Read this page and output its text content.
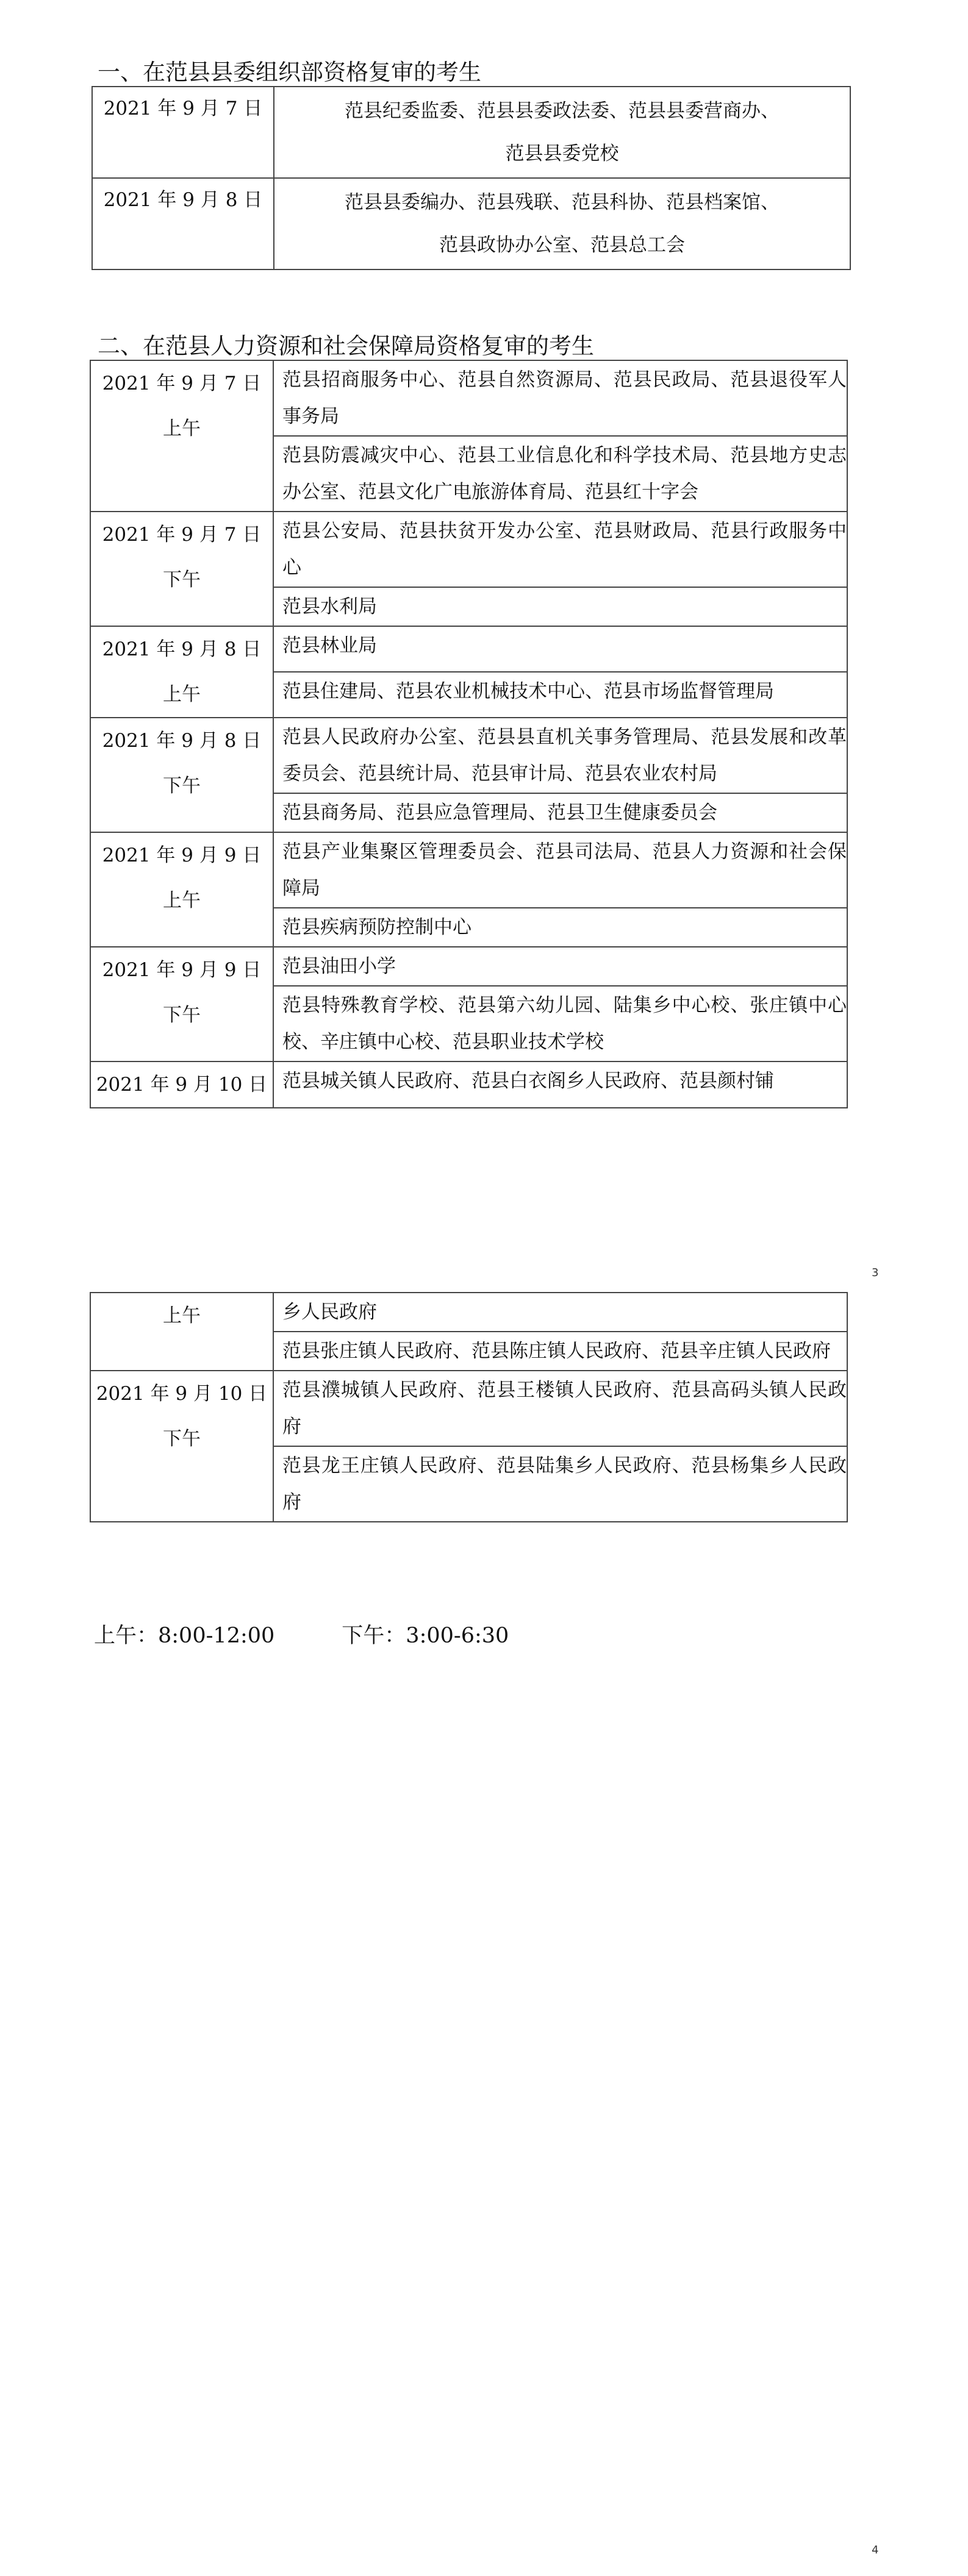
一、在范县县委组织部资格复审的考生
2021 年 9 月 7 日	范县纪委监委、范县县委政法委、范县县委营商办、
范县县委党校

2021 年 9 月 8 日	范县县委编办、范县残联、范县科协、范县档案馆、
范县政协办公室、范县总工会
二、在范县人力资源和社会保障局资格复审的考生
2021 年 9 月 7 日
上午	范县招商服务中心、范县自然资源局、范县民政局、范县退役军人事务局
	范县防震减灾中心、范县工业信息化和科学技术局、范县地方史志办公室、范县文化广电旅游体育局、范县红十字会

2021 年 9 月 7 日
下午	范县公安局、范县扶贫开发办公室、范县财政局、范县行政服务中心
	范县水利局

2021 年 9 月 8 日
上午	范县林业局
	范县住建局、范县农业机械技术中心、范县市场监督管理局

2021 年 9 月 8 日
下午	范县人民政府办公室、范县县直机关事务管理局、范县发展和改革委员会、范县统计局、范县审计局、范县农业农村局
	范县商务局、范县应急管理局、范县卫生健康委员会

2021 年 9 月 9 日
上午	范县产业集聚区管理委员会、范县司法局、范县人力资源和社会保障局
	范县疾病预防控制中心

2021 年 9 月 9 日
下午	范县油田小学
	范县特殊教育学校、范县第六幼儿园、陆集乡中心校、张庄镇中心校、辛庄镇中心校、范县职业技术学校

2021 年 9 月 10 日	范县城关镇人民政府、范县白衣阁乡人民政府、范县颜村铺
3
上午	乡人民政府
	范县张庄镇人民政府、范县陈庄镇人民政府、范县辛庄镇人民政府

2021 年 9 月 10 日
下午	范县濮城镇人民政府、范县王楼镇人民政府、范县高码头镇人民政府
	范县龙王庄镇人民政府、范县陆集乡人民政府、范县杨集乡人民政府
上午：8:00-12:00	下午：3:00-6:30
4
